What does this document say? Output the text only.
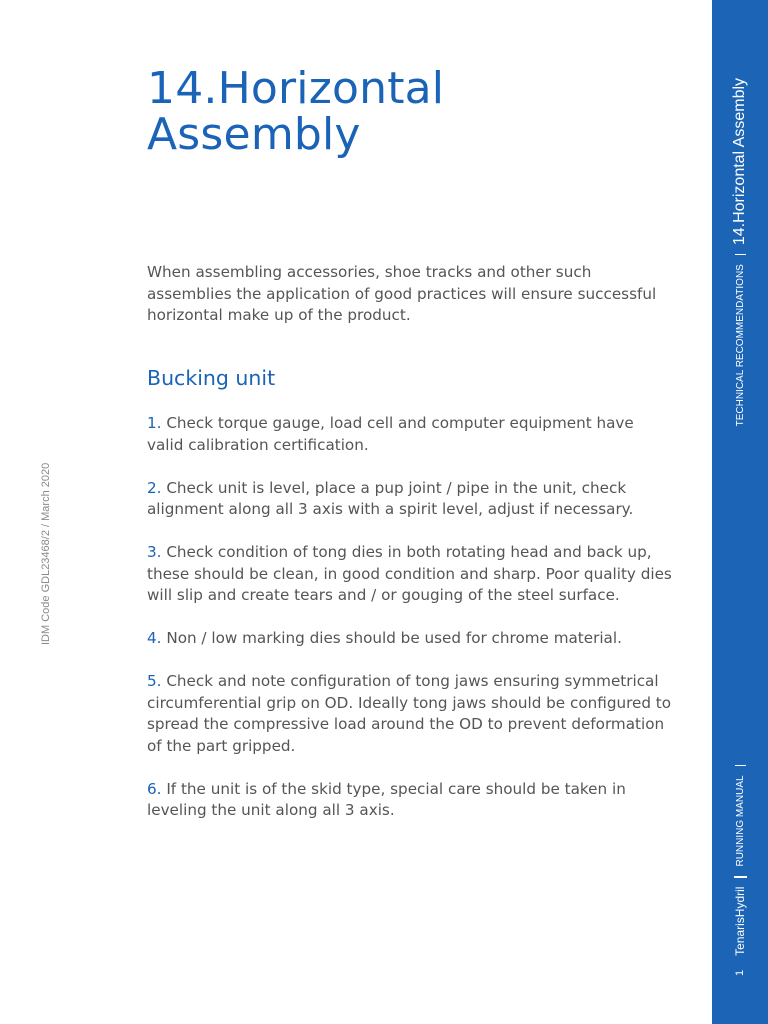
14.Horizontal
Assembly

When assembling accessories, shoe tracks and other such assemblies the application of good practices will ensure successful horizontal make up of the product.

Bucking unit
1. Check torque gauge, load cell and computer equipment have valid calibration certification.
2. Check unit is level, place a pup joint / pipe in the unit, check alignment along all 3 axis with a spirit level, adjust if necessary.
3. Check condition of tong dies in both rotating head and back up, these should be clean, in good condition and sharp. Poor quality dies will slip and create tears and / or gouging of the steel surface.
4. Non / low marking dies should be used for chrome material.
5. Check and note configuration of tong jaws ensuring symmetrical circumferential grip on OD. Ideally tong jaws should be configured to spread the compressive load around the OD to prevent deformation of the part gripped.
6. If the unit is of the skid type, special care should be taken in leveling the unit along all 3 axis.
IDM Code GDL23468/2 / March 2020
1
TenarisHydril
RUNNING MANUAL
TECHNICAL RECOMMENDATIONS
14.Horizontal Assembly
